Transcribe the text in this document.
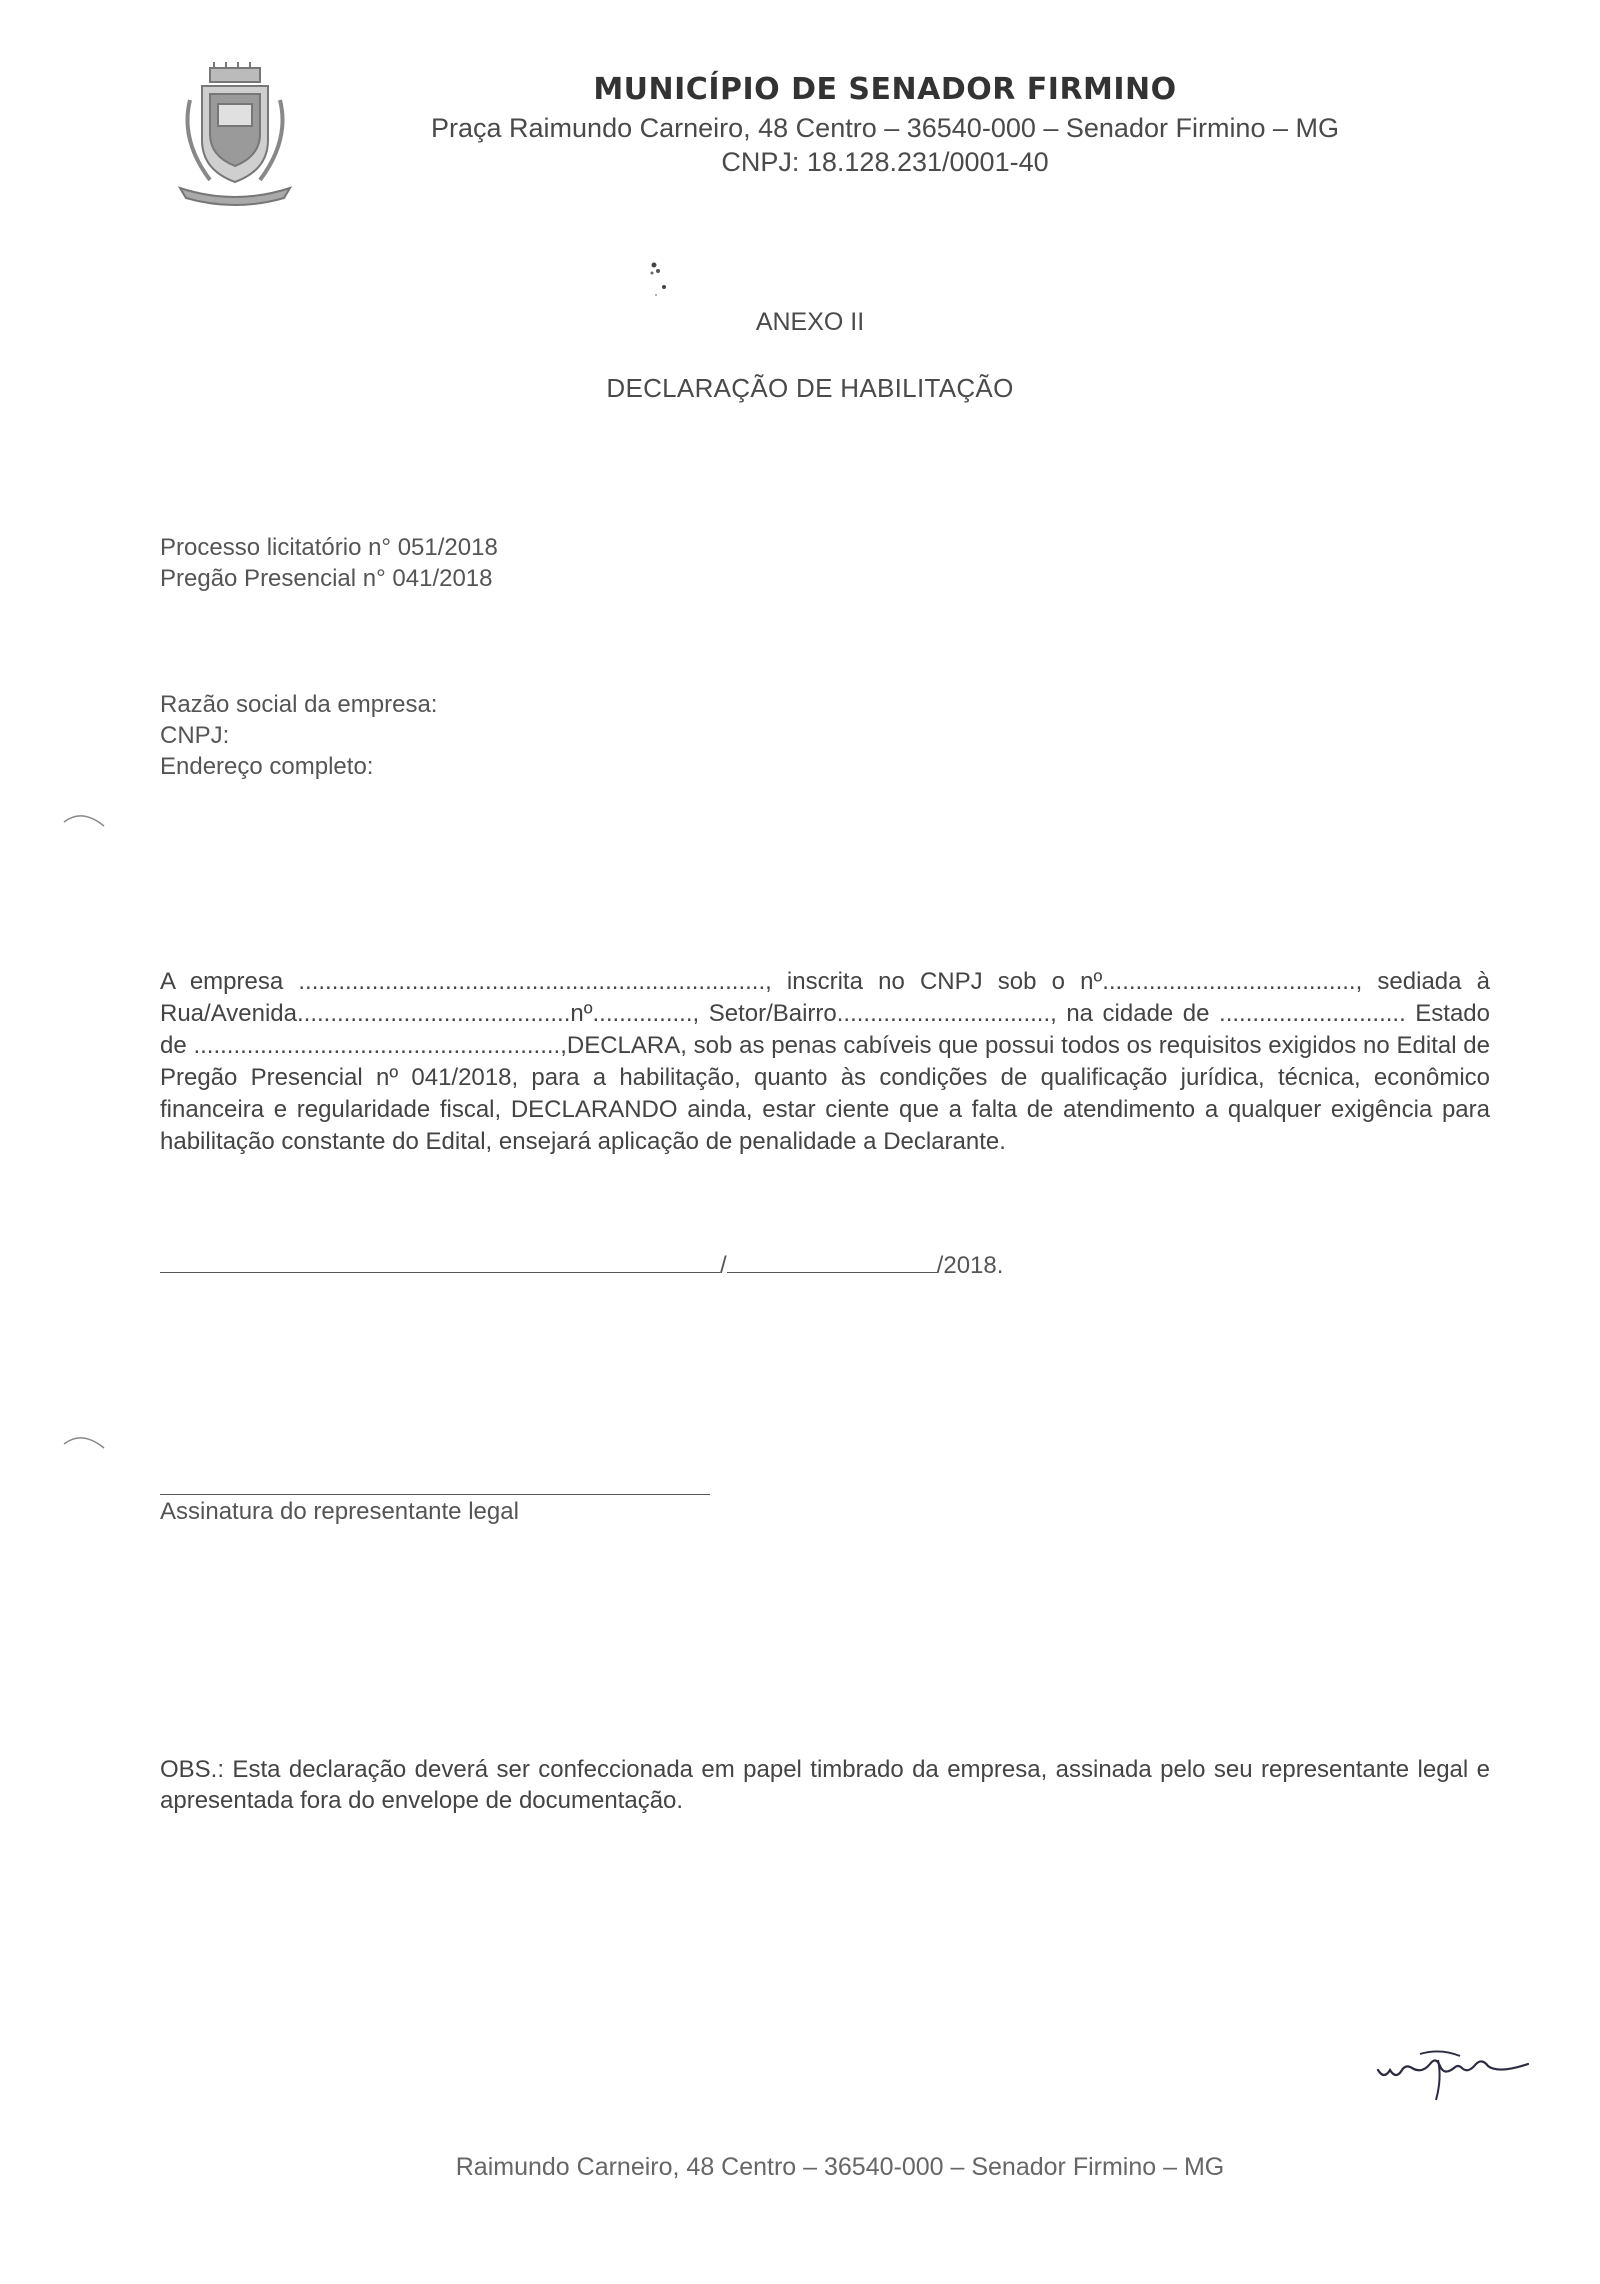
MUNICÍPIO DE SENADOR FIRMINO
Praça Raimundo Carneiro, 48 Centro – 36540-000 – Senador Firmino – MG
CNPJ: 18.128.231/0001-40
ANEXO II
DECLARAÇÃO DE HABILITAÇÃO
Processo licitatório n° 051/2018
Pregão Presencial n° 041/2018
Razão social da empresa:
CNPJ:
Endereço completo:
A empresa ......................................................................, inscrita no CNPJ sob o nº......................................, sediada à Rua/Avenida.........................................nº..............., Setor/Bairro................................, na cidade de ............................ Estado de .......................................................,DECLARA, sob as penas cabíveis que possui todos os requisitos exigidos no Edital de Pregão Presencial nº 041/2018, para a habilitação, quanto às condições de qualificação jurídica, técnica, econômico financeira e regularidade fiscal, DECLARANDO ainda, estar ciente que a falta de atendimento a qualquer exigência para habilitação constante do Edital, ensejará aplicação de penalidade a Declarante.
/	/2018.
Assinatura do representante legal
OBS.: Esta declaração deverá ser confeccionada em papel timbrado da empresa, assinada pelo seu representante legal e apresentada fora do envelope de documentação.
Raimundo Carneiro, 48 Centro – 36540-000 – Senador Firmino – MG
